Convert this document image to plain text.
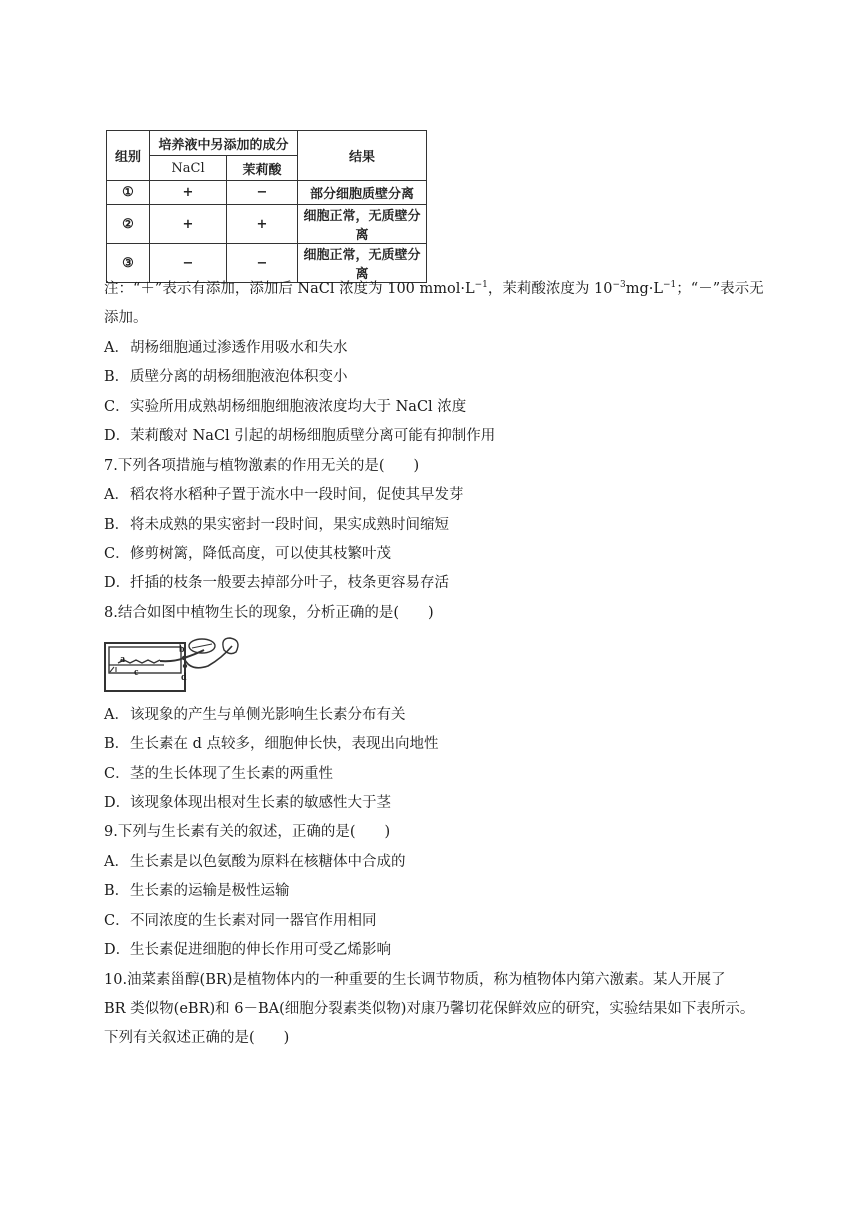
组别	培养液中另添加的成分		结果
	NaCl	茉莉酸	
①	+	−	部分细胞质壁分离
②	+	+	细胞正常，无质壁分离
③	−	−	细胞正常，无质壁分离
注：“＋”表示有添加，添加后 NaCl 浓度为 100 $mmol\cdot L^{-1}$，茉莉酸浓度为 $10^{-3}mg\cdot L^{-1}$；“－”表示无
添加。
A．胡杨细胞通过渗透作用吸水和失水
B．质壁分离的胡杨细胞液泡体积变小
C．实验所用成熟胡杨细胞细胞液浓度均大于 NaCl 浓度
D．茉莉酸对 NaCl 引起的胡杨细胞质壁分离可能有抑制作用
7.下列各项措施与植物激素的作用无关的是(　　)
A．稻农将水稻种子置于流水中一段时间，促使其早发芽
B．将未成熟的果实密封一段时间，果实成熟时间缩短
C．修剪树篱，降低高度，可以使其枝繁叶茂
D．扦插的枝条一般要去掉部分叶子，枝条更容易存活
8.结合如图中植物生长的现象，分析正确的是(　　)
a
c
b
d
A．该现象的产生与单侧光影响生长素分布有关
B．生长素在 d 点较多，细胞伸长快，表现出向地性
C．茎的生长体现了生长素的两重性
D．该现象体现出根对生长素的敏感性大于茎
9.下列与生长素有关的叙述，正确的是(　　)
A．生长素是以色氨酸为原料在核糖体中合成的
B．生长素的运输是极性运输
C．不同浓度的生长素对同一器官作用相同
D．生长素促进细胞的伸长作用可受乙烯影响
10.油菜素甾醇(BR)是植物体内的一种重要的生长调节物质，称为植物体内第六激素。某人开展了
BR 类似物(eBR)和 6－BA(细胞分裂素类似物)对康乃馨切花保鲜效应的研究，实验结果如下表所示。
下列有关叙述正确的是(　　)
